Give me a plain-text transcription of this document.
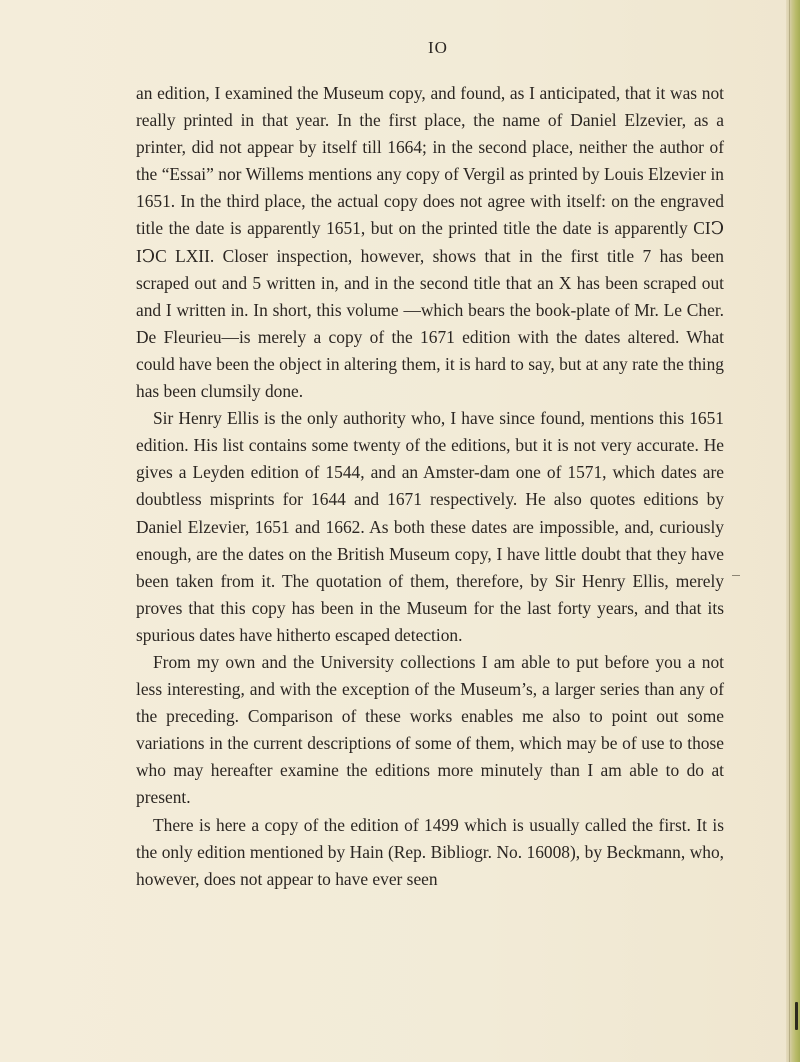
IO

an edition, I examined the Museum copy, and found, as I anticipated, that it was not really printed in that year. In the first place, the name of Daniel Elzevier, as a printer, did not appear by itself till 1664; in the second place, neither the author of the “Essai” nor Willems mentions any copy of Vergil as printed by Louis Elzevier in 1651. In the third place, the actual copy does not agree with itself: on the engraved title the date is apparently 1651, but on the printed title the date is apparently CIↃ IↃC LXII. Closer inspection, however, shows that in the first title 7 has been scraped out and 5 written in, and in the second title that an X has been scraped out and I written in. In short, this volume —which bears the book-plate of Mr. Le Cher. De Fleurieu—is merely a copy of the 1671 edition with the dates altered. What could have been the object in altering them, it is hard to say, but at any rate the thing has been clumsily done.

Sir Henry Ellis is the only authority who, I have since found, mentions this 1651 edition. His list contains some twenty of the editions, but it is not very accurate. He gives a Leyden edition of 1544, and an Amster-dam one of 1571, which dates are doubtless misprints for 1644 and 1671 respectively. He also quotes editions by Daniel Elzevier, 1651 and 1662. As both these dates are impossible, and, curiously enough, are the dates on the British Museum copy, I have little doubt that they have been taken from it. The quotation of them, therefore, by Sir Henry Ellis, merely proves that this copy has been in the Museum for the last forty years, and that its spurious dates have hitherto escaped detection.

From my own and the University collections I am able to put before you a not less interesting, and with the exception of the Museum’s, a larger series than any of the preceding. Comparison of these works enables me also to point out some variations in the current descriptions of some of them, which may be of use to those who may hereafter examine the editions more minutely than I am able to do at present.

There is here a copy of the edition of 1499 which is usually called the first. It is the only edition mentioned by Hain (Rep. Bibliogr. No. 16008), by Beckmann, who, however, does not appear to have ever seen
